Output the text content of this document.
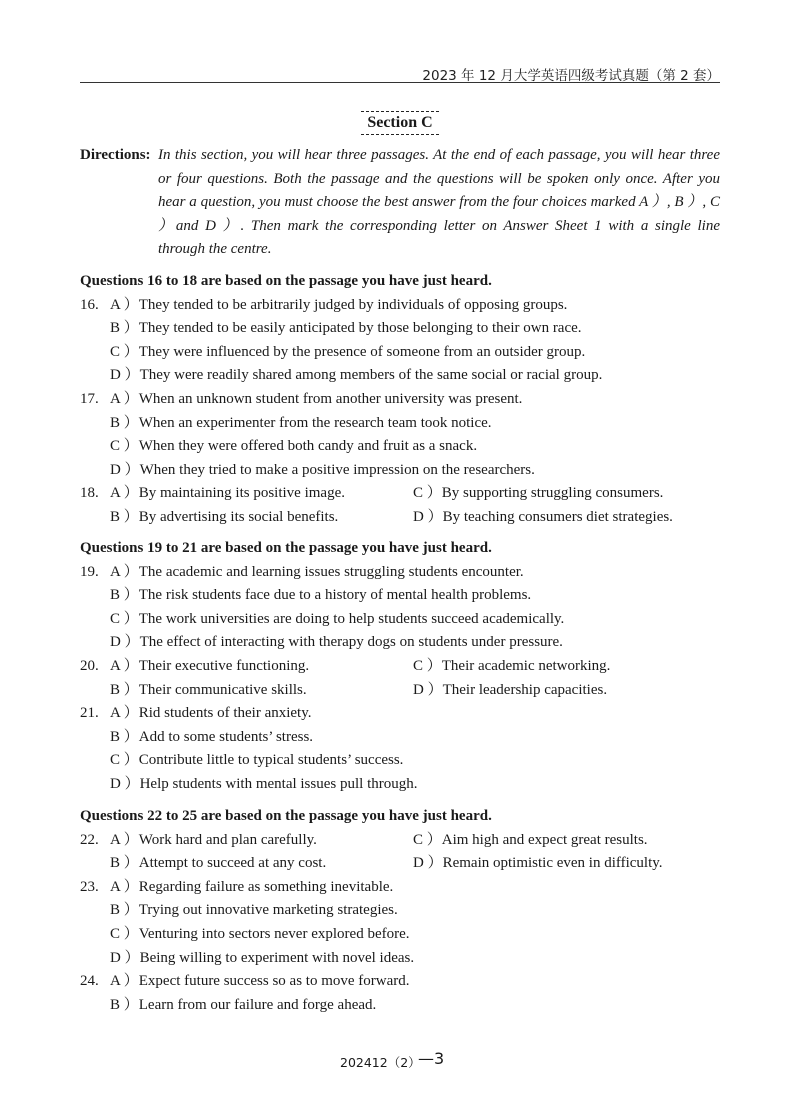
2023 年 12 月大学英语四级考试真题（第 2 套）
Section C
Directions: In this section, you will hear three passages. At the end of each passage, you will hear three or four questions. Both the passage and the questions will be spoken only once. After you hear a question, you must choose the best answer from the four choices marked A ）, B ）, C ）and D ）. Then mark the corresponding letter on Answer Sheet 1 with a single line through the centre.
Questions 16 to 18 are based on the passage you have just heard.
16. A ）They tended to be arbitrarily judged by individuals of opposing groups.
B ）They tended to be easily anticipated by those belonging to their own race.
C ）They were influenced by the presence of someone from an outsider group.
D ）They were readily shared among members of the same social or racial group.
17. A ）When an unknown student from another university was present.
B ）When an experimenter from the research team took notice.
C ）When they were offered both candy and fruit as a snack.
D ）When they tried to make a positive impression on the researchers.
18. A ）By maintaining its positive image.	C ）By supporting struggling consumers.
B ）By advertising its social benefits.	D ）By teaching consumers diet strategies.
Questions 19 to 21 are based on the passage you have just heard.
19. A ）The academic and learning issues struggling students encounter.
B ）The risk students face due to a history of mental health problems.
C ）The work universities are doing to help students succeed academically.
D ）The effect of interacting with therapy dogs on students under pressure.
20. A ）Their executive functioning.	C ）Their academic networking.
B ）Their communicative skills.	D ）Their leadership capacities.
21. A ）Rid students of their anxiety.
B ）Add to some students’ stress.
C ）Contribute little to typical students’ success.
D ）Help students with mental issues pull through.
Questions 22 to 25 are based on the passage you have just heard.
22. A ）Work hard and plan carefully.	C ）Aim high and expect great results.
B ）Attempt to succeed at any cost.	D ）Remain optimistic even in difficulty.
23. A ）Regarding failure as something inevitable.
B ）Trying out innovative marketing strategies.
C ）Venturing into sectors never explored before.
D ）Being willing to experiment with novel ideas.
24. A ）Expect future success so as to move forward.
B ）Learn from our failure and forge ahead.
202412（2）
—3
